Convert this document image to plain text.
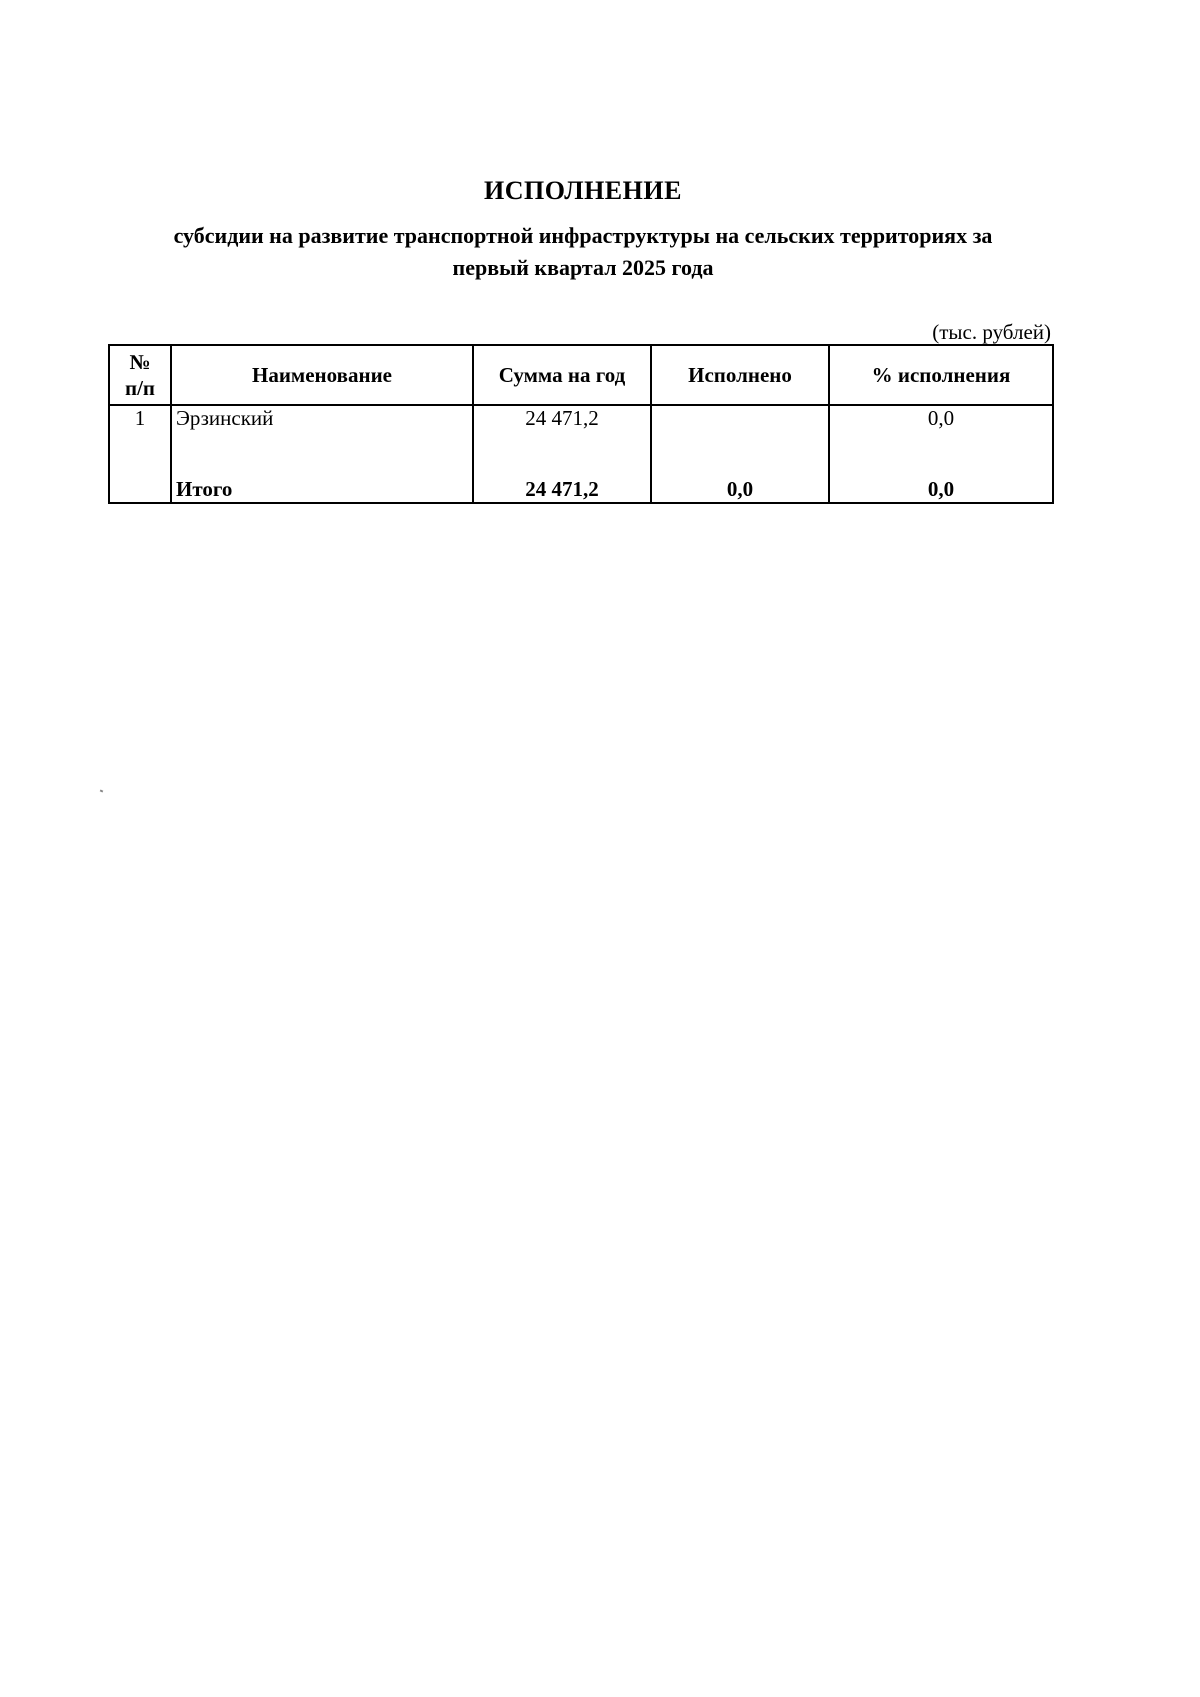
ИСПОЛНЕНИЕ
субсидии на развитие транспортной инфраструктуры на сельских территориях за
первый квартал 2025 года
(тыс. рублей)
№
п/п	Наименование	Сумма на год	Исполнено	% исполнения
1	Эрзинский	24 471,2		0,0
	Итого	24 471,2	0,0	0,0
